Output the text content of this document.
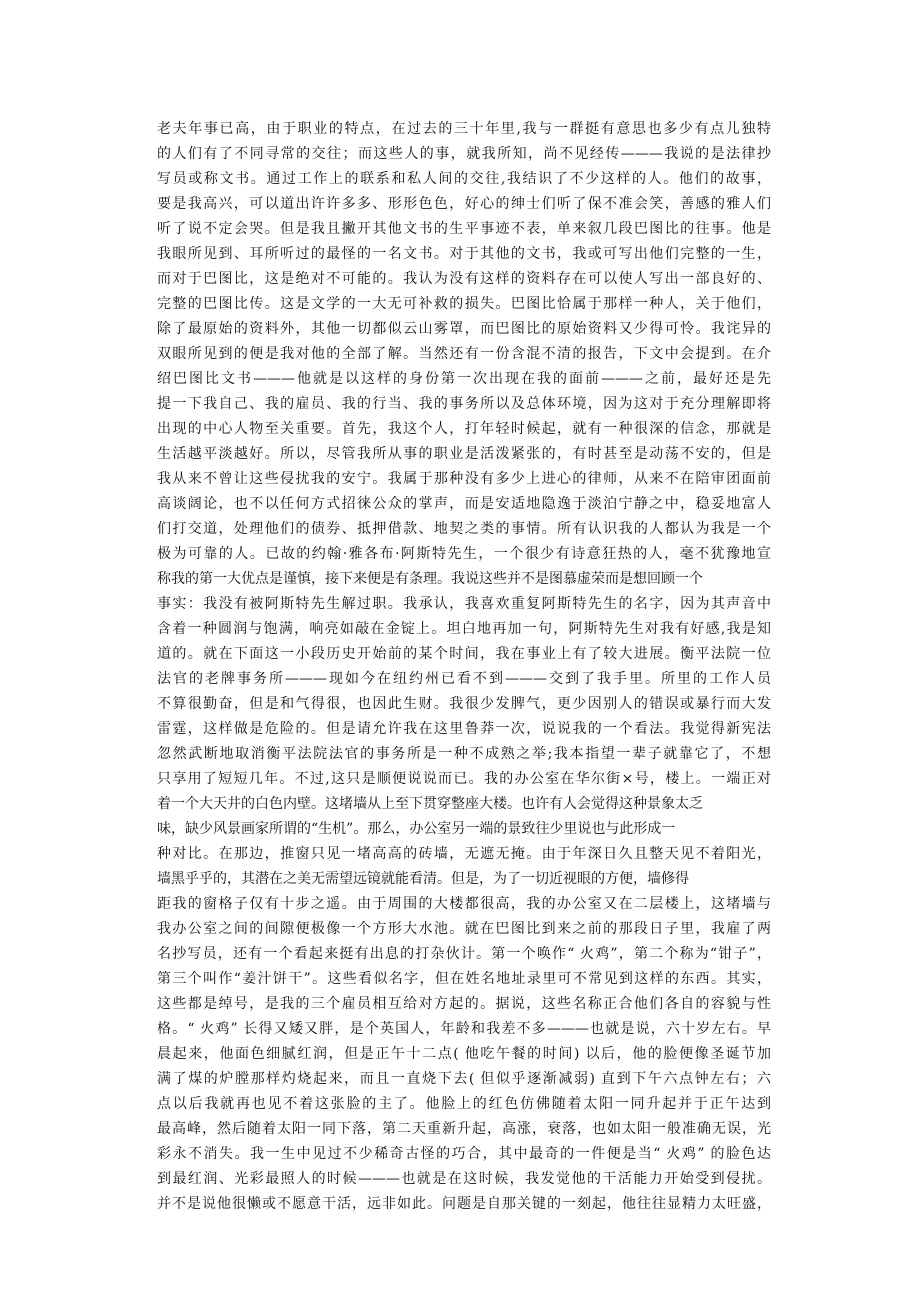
老夫年事已高，由于职业的特点，在过去的三十年里,我与一群挺有意思也多少有点儿独特
的人们有了不同寻常的交往；而这些人的事，就我所知，尚不见经传———我说的是法律抄
写员或称文书。通过工作上的联系和私人间的交往,我结识了不少这样的人。他们的故事，
要是我高兴，可以道出许许多多、形形色色，好心的绅士们听了保不准会笑，善感的雅人们
听了说不定会哭。但是我且撇开其他文书的生平事迹不表，单来叙几段巴图比的往事。他是
我眼所见到、耳所听过的最怪的一名文书。对于其他的文书，我或可写出他们完整的一生，
而对于巴图比，这是绝对不可能的。我认为没有这样的资料存在可以使人写出一部良好的、
完整的巴图比传。这是文学的一大无可补救的损失。巴图比恰属于那样一种人，关于他们，
除了最原始的资料外，其他一切都似云山雾罩，而巴图比的原始资料又少得可怜。我诧异的
双眼所见到的便是我对他的全部了解。当然还有一份含混不清的报告，下文中会提到。在介
绍巴图比文书———他就是以这样的身份第一次出现在我的面前———之前，最好还是先
提一下我自己、我的雇员、我的行当、我的事务所以及总体环境，因为这对于充分理解即将
出现的中心人物至关重要。首先，我这个人，打年轻时候起，就有一种很深的信念，那就是
生活越平淡越好。所以，尽管我所从事的职业是活泼紧张的，有时甚至是动荡不安的，但是
我从来不曾让这些侵扰我的安宁。我属于那种没有多少上进心的律师，从来不在陪审团面前
高谈阔论，也不以任何方式招徕公众的掌声，而是安适地隐逸于淡泊宁静之中，稳妥地富人
们打交道，处理他们的债券、抵押借款、地契之类的事情。所有认识我的人都认为我是一个
极为可靠的人。已故的约翰·雅各布·阿斯特先生，一个很少有诗意狂热的人，毫不犹豫地宣
称我的第一大优点是谨慎，接下来便是有条理。我说这些并不是图慕虚荣而是想回顾一个
事实：我没有被阿斯特先生解过职。我承认，我喜欢重复阿斯特先生的名字，因为其声音中
含着一种圆润与饱满，响亮如敲在金锭上。坦白地再加一句，阿斯特先生对我有好感,我是知
道的。就在下面这一小段历史开始前的某个时间，我在事业上有了较大进展。衡平法院一位
法官的老牌事务所———现如今在纽约州已看不到———交到了我手里。所里的工作人员
不算很勤奋，但是和气得很，也因此生财。我很少发脾气，更少因别人的错误或暴行而大发
雷霆，这样做是危险的。但是请允许我在这里鲁莽一次，说说我的一个看法。我觉得新宪法
忽然武断地取消衡平法院法官的事务所是一种不成熟之举;我本指望一辈子就靠它了，不想
只享用了短短几年。不过,这只是顺便说说而已。我的办公室在华尔街×号，楼上。一端正对
着一个大天井的白色内壁。这堵墙从上至下贯穿整座大楼。也许有人会觉得这种景象太乏
味，缺少风景画家所谓的“生机”。那么，办公室另一端的景致往少里说也与此形成一
种对比。在那边，推窗只见一堵高高的砖墙，无遮无掩。由于年深日久且整天见不着阳光，
墙黑乎乎的，其潜在之美无需望远镜就能看清。但是，为了一切近视眼的方便，墙修得
距我的窗格子仅有十步之遥。由于周围的大楼都很高，我的办公室又在二层楼上，这堵墙与
我办公室之间的间隙便极像一个方形大水池。就在巴图比到来之前的那段日子里，我雇了两
名抄写员，还有一个看起来挺有出息的打杂伙计。第一个唤作“ 火鸡”，第二个称为“钳子”，
第三个叫作“姜汁饼干”。这些看似名字，但在姓名地址录里可不常见到这样的东西。其实，
这些都是绰号，是我的三个雇员相互给对方起的。据说，这些名称正合他们各自的容貌与性
格。“ 火鸡” 长得又矮又胖，是个英国人，年龄和我差不多———也就是说，六十岁左右。早
晨起来，他面色细腻红润，但是正午十二点( 他吃午餐的时间) 以后，他的脸便像圣诞节加
满了煤的炉膛那样灼烧起来，而且一直烧下去( 但似乎逐渐减弱) 直到下午六点钟左右；六
点以后我就再也见不着这张脸的主了。他脸上的红色仿佛随着太阳一同升起并于正午达到
最高峰，然后随着太阳一同下落，第二天重新升起，高涨，衰落，也如太阳一般准确无误，光
彩永不消失。我一生中见过不少稀奇古怪的巧合，其中最奇的一件便是当“ 火鸡” 的脸色达
到最红润、光彩最照人的时候———也就是在这时候，我发觉他的干活能力开始受到侵扰。
并不是说他很懒或不愿意干活，远非如此。问题是自那关键的一刻起，他往往显精力太旺盛，
